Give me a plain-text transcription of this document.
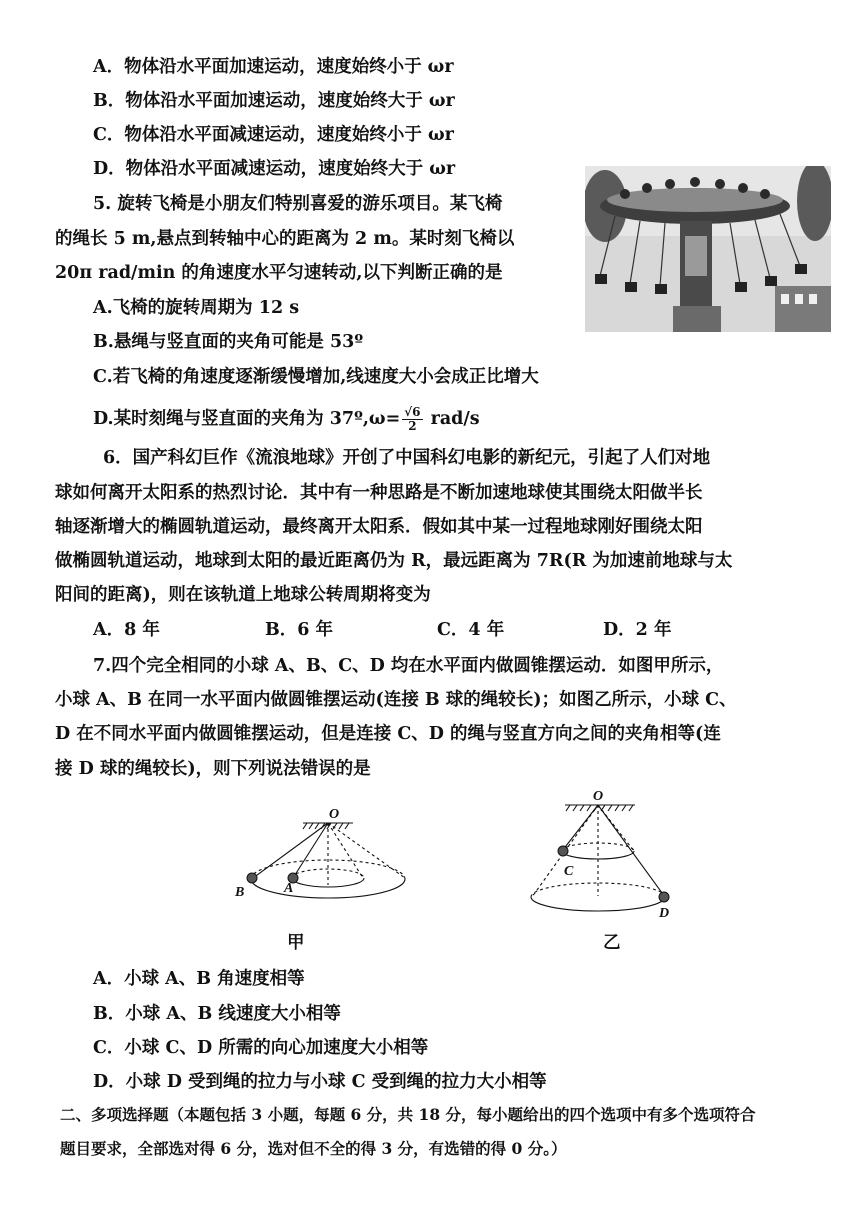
A．物体沿水平面加速运动，速度始终小于 ωr
B．物体沿水平面加速运动，速度始终大于 ωr
C．物体沿水平面减速运动，速度始终小于 ωr
D．物体沿水平面减速运动，速度始终大于 ωr
5. 旋转飞椅是小朋友们特别喜爱的游乐项目。某飞椅
的绳长 5 m,悬点到转轴中心的距离为 2 m。某时刻飞椅以
20π rad/min 的角速度水平匀速转动,以下判断正确的是
A.飞椅的旋转周期为 12 s
B.悬绳与竖直面的夹角可能是 53º
C.若飞椅的角速度逐渐缓慢增加,线速度大小会成正比增大
D.某时刻绳与竖直面的夹角为 37º,ω= $\frac{√6}{2} rad/s$
6．国产科幻巨作《流浪地球》开创了中国科幻电影的新纪元，引起了人们对地
球如何离开太阳系的热烈讨论．其中有一种思路是不断加速地球使其围绕太阳做半长
轴逐渐增大的椭圆轨道运动，最终离开太阳系．假如其中某一过程地球刚好围绕太阳
做椭圆轨道运动，地球到太阳的最近距离仍为 R，最远距离为 7R(R 为加速前地球与太
阳间的距离)，则在该轨道上地球公转周期将变为
A．8 年	B．6 年	C．4 年	D．2 年
7.四个完全相同的小球 A、B、C、D 均在水平面内做圆锥摆运动．如图甲所示，
小球 A、B 在同一水平面内做圆锥摆运动(连接 B 球的绳较长)；如图乙所示，小球 C、
D 在不同水平面内做圆锥摆运动，但是连接 C、D 的绳与竖直方向之间的夹角相等(连
接 D 球的绳较长)，则下列说法错误的是
O
A
B
甲
O
C
D
乙
A．小球 A、B 角速度相等
B．小球 A、B 线速度大小相等
C．小球 C、D 所需的向心加速度大小相等
D．小球 D 受到绳的拉力与小球 C 受到绳的拉力大小相等
二、多项选择题（本题包括 3 小题，每题 6 分，共 18 分，每小题给出的四个选项中有多个选项符合
题目要求，全部选对得 6 分，选对但不全的得 3 分，有选错的得 0 分。）
